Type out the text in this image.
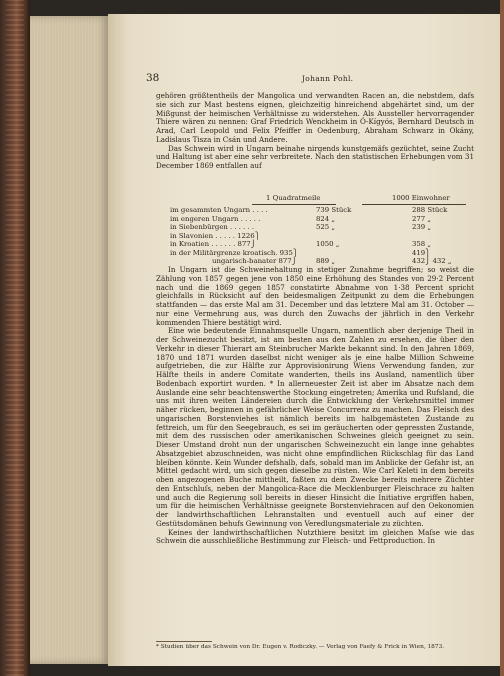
38	Johann Pohl.

gehören größtentheils der Mangolica und verwandten Racen an, die nebstdem, dafs sie sich zur Mast bestens eignen, gleichzeitig hinreichend abgehärtet sind, um der Mißgunst der heimischen Verhältnisse zu widerstehen. Als Aussteller hervorragender Thiere wären zu nennen: Graf Friedrich Wenckheim in Ó-Kígyós, Bernhard Deutsch in Arad, Carl Leopold und Felix Pfeiffer in Oedenburg, Abraham Schwarz in Okány, Ladislaus Tisza in Csán und Andere.

Das Schwein wird in Ungarn beinahe nirgends kunstgemäfs gezüchtet, seine Zucht und Haltung ist aber eine sehr verbreitete. Nach den statistischen Erhebungen vom 31 December 1869 entfallen auf

1 Quadratmeile	1000 Einwohner
im gesammten Ungarn . . . .	739 Stück	288 Stück
im engeren Ungarn . . . . .	824 „	277 „
in Siebenbürgen . . . . . .	525 „	239 „
in Slavonien . . . . . 1226⎫
in Kroatien . . . . . . 877⎭	1050 „	358 „
in der Militärgrenze kroatisch. 935⎫	419⎫
ungarisch-banater 877⎭	889 „	432⎭ 432 „

In Ungarn ist die Schweinehaltung in stetiger Zunahme begriffen; so weist die Zählung von 1857 gegen jene von 1850 eine Erhöhung des Standes von 29·2 Percent nach und die 1869 gegen 1857 constatirte Abnahme von 1·38 Percent spricht gleichfalls in Rücksicht auf den beidesmaligen Zeitpunkt zu dem die Erhebungen stattfanden — das erste Mal am 31. December und das letztere Mal am 31. October — nur eine Vermehrung aus, was durch den Zuwachs der jährlich in den Verkehr kommenden Thiere bestätigt wird.

Eine wie bedeutende Einnahmsquelle Ungarn, namentlich aber derjenige Theil in der Schweinezucht besitzt, ist am besten aus den Zahlen zu ersehen, die über den Verkehr in dieser Thierart am Steinbrucher Markte bekannt sind. In den Jahren 1869, 1870 und 1871 wurden daselbst nicht weniger als je eine halbe Million Schweine aufgetrieben, die zur Hälfte zur Approvisionirung Wiens Verwendung fanden, zur Hälfte theils in andere Comitate wanderten, theils ins Ausland, namentlich über Bodenbach exportirt wurden. * In allerneuester Zeit ist aber im Absatze nach dem Auslande eine sehr beachtenswerthe Stockung eingetreten; Amerika und Rufsland, die uns mit ihren weiten Ländereien durch die Entwicklung der Verkehrsmittel immer näher rücken, beginnen in gefährlicher Weise Concurrenz zu machen. Das Fleisch des ungarischen Borstenviehes ist nämlich bereits im halbgemästeten Zustande zu fettreich, um für den Seegebrauch, es sei im geräucherten oder gepressten Zustande, mit dem des russischen oder amerikanischen Schweines gleich geeignet zu sein. Dieser Umstand droht nun der ungarischen Schweinezucht ein lange inne gehabtes Absatzgebiet abzuschneiden, was nicht ohne empfindlichen Rückschlag für das Land bleiben könnte. Kein Wunder defshalb, dafs, sobald man im Anblicke der Gefahr ist, an Mittel gedacht wird, um sich gegen dieselbe zu rüsten. Wie Carl Keleti in dem bereits oben angezogenen Buche mittheilt, faßten zu dem Zwecke bereits mehrere Züchter den Entschluſs, neben der Mangolica-Race die Mecklenburger Fleischrace zu halten und auch die Regierung soll bereits in dieser Hinsicht die Initiative ergriffen haben, um für die heimischen Verhältnisse geeignete Borstenviehracen auf den Oekonomien der landwirthschaftlichen Lehranstalten und eventuell auch auf einer der Gestütsdomänen behufs Gewinnung von Veredlungsmateriale zu züchten.

Keines der landwirthschaftlichen Nutzthiere besitzt im gleichen Maſse wie das Schwein die ausschließliche Bestimmung zur Fleisch- und Fettproduction. In

* Studien über das Schwein von Dr. Eugen v. Rodiczky. — Verlag von Faefy & Frick in Wien, 1873.
